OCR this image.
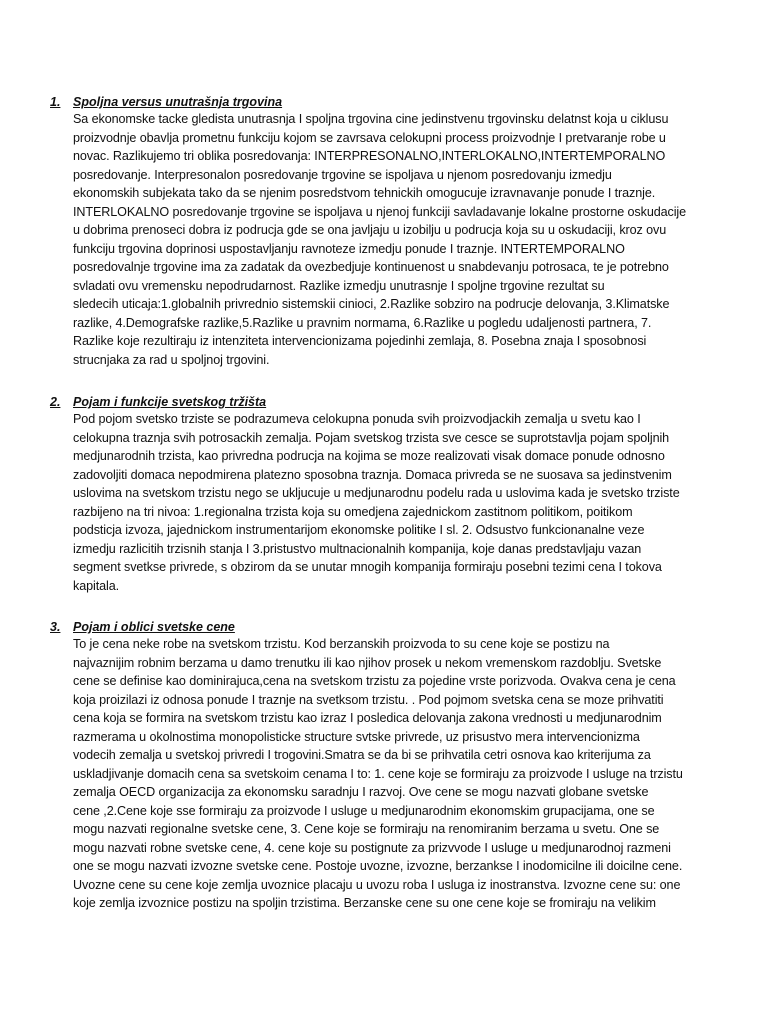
1. Spoljna versus unutrašnja trgovina
Sa ekonomske tacke gledista unutrasnja I spoljna trgovina cine jedinstvenu trgovinsku delatnst koja u ciklusu
proizvodnje obavlja prometnu funkciju kojom se zavrsava celokupni process proizvodnje I pretvaranje robe u
novac. Razlikujemo tri oblika posredovanja: INTERPRESONALNO,INTERLOKALNO,INTERTEMPORALNO
posredovanje. Interpresonalon posredovanje trgovine se ispoljava u njenom posredovanju izmedju
ekonomskih subjekata tako da se njenim posredstvom tehnickih omogucuje izravnavanje ponude I traznje.
INTERLOKALNO posredovanje trgovine se ispoljava u njenoj funkciji savladavanje lokalne prostorne oskudacije
u dobrima prenoseci dobra iz podrucja gde se ona javljaju u izobilju u podrucja koja su u oskudaciji, kroz ovu
funkciju trgovina doprinosi uspostavljanju ravnoteze izmedju ponude I traznje. INTERTEMPORALNO
posredovalnje trgovine ima za zadatak da ovezbedjuje kontinuenost u snabdevanju potrosaca, te je potrebno
svladati ovu vremensku nepodrudarnost. Razlike izmedju unutrasnje I spoljne trgovine rezultat su
sledecih uticaja:1.globalnih privrednio sistemskii cinioci, 2.Razlike sobziro na podrucje delovanja, 3.Klimatske
razlike, 4.Demografske razlike,5.Razlike u pravnim normama, 6.Razlike u pogledu udaljenosti partnera, 7.
Razlike koje rezultiraju iz intenziteta intervencionizama pojedinhi zemlaja, 8. Posebna znaja I sposobnosi
strucnjaka za rad u spoljnoj trgovini.
2. Pojam i funkcije svetskog tržišta
Pod pojom svetsko trziste se podrazumeva celokupna ponuda svih proizvodjackih zemalja u svetu kao I
celokupna traznja svih potrosackih zemalja. Pojam svetskog trzista sve cesce se suprotstavlja pojam spoljnih
medjunarodnih trzista, kao privredna podrucja na kojima se moze realizovati visak domace ponude odnosno
zadovoljiti domaca nepodmirena platezno sposobna traznja. Domaca privreda se ne suosava sa jedinstvenim
uslovima na svetskom trzistu nego se ukljucuje u medjunarodnu podelu rada u uslovima kada je svetsko trziste
razbijeno na tri nivoa: 1.regionalna trzista koja su omedjena zajednickom zastitnom politikom, poitikom
podsticja izvoza, jajednickom instrumentarijom ekonomske politike I sl. 2. Odsustvo funkcionanalne veze
izmedju razlicitih trzisnih stanja I 3.pristustvo multnacionalnih kompanija, koje danas predstavljaju vazan
segment svetkse privrede, s obzirom da se unutar mnogih kompanija formiraju posebni tezimi cena I tokova
kapitala.
3. Pojam i oblici svetske cene
To je cena neke robe na svetskom trzistu. Kod berzanskih proizvoda to su cene koje se postizu na
najvaznijim robnim berzama u damo trenutku ili kao njihov prosek u nekom vremenskom razdoblju. Svetske
cene se definise kao dominirajuca,cena na svetskom trzistu za pojedine vrste porizvoda. Ovakva cena je cena
koja proizilazi iz odnosa ponude I traznje na svetksom trzistu. . Pod pojmom svetska cena se moze prihvatiti
cena koja se formira na svetskom trzistu kao izraz I posledica delovanja zakona vrednosti u medjunarodnim
razmerama u okolnostima monopolisticke structure svtske privrede, uz prisustvo mera intervencionizma
vodecih zemalja u svetskoj privredi I trogovini.Smatra se da bi se prihvatila cetri osnova kao kriterijuma za
uskladjivanje domacih cena sa svetskoim cenama I to: 1. cene koje se formiraju za proizvode I usluge na trzistu
zemalja OECD organizacija za ekonomsku saradnju I razvoj. Ove cene se mogu nazvati globane svetske
cene ,2.Cene koje sse formiraju za proizvode I usluge u medjunarodnim ekonomskim grupacijama, one se
mogu nazvati regionalne svetske cene, 3. Cene koje se formiraju na renomiranim berzama u svetu. One se
mogu nazvati robne svetske cene, 4. cene koje su postignute za prizvvode I usluge u medjunarodnoj razmeni
one se mogu nazvati izvozne svetske cene. Postoje uvozne, izvozne, berzankse I inodomicilne ili doicilne cene.
Uvozne cene su cene koje zemlja uvoznice placaju u uvozu roba I usluga iz inostranstva. Izvozne cene su: one
koje zemlja izvoznice postizu na spoljin trzistima. Berzanske cene su one cene koje se fromiraju na velikim
